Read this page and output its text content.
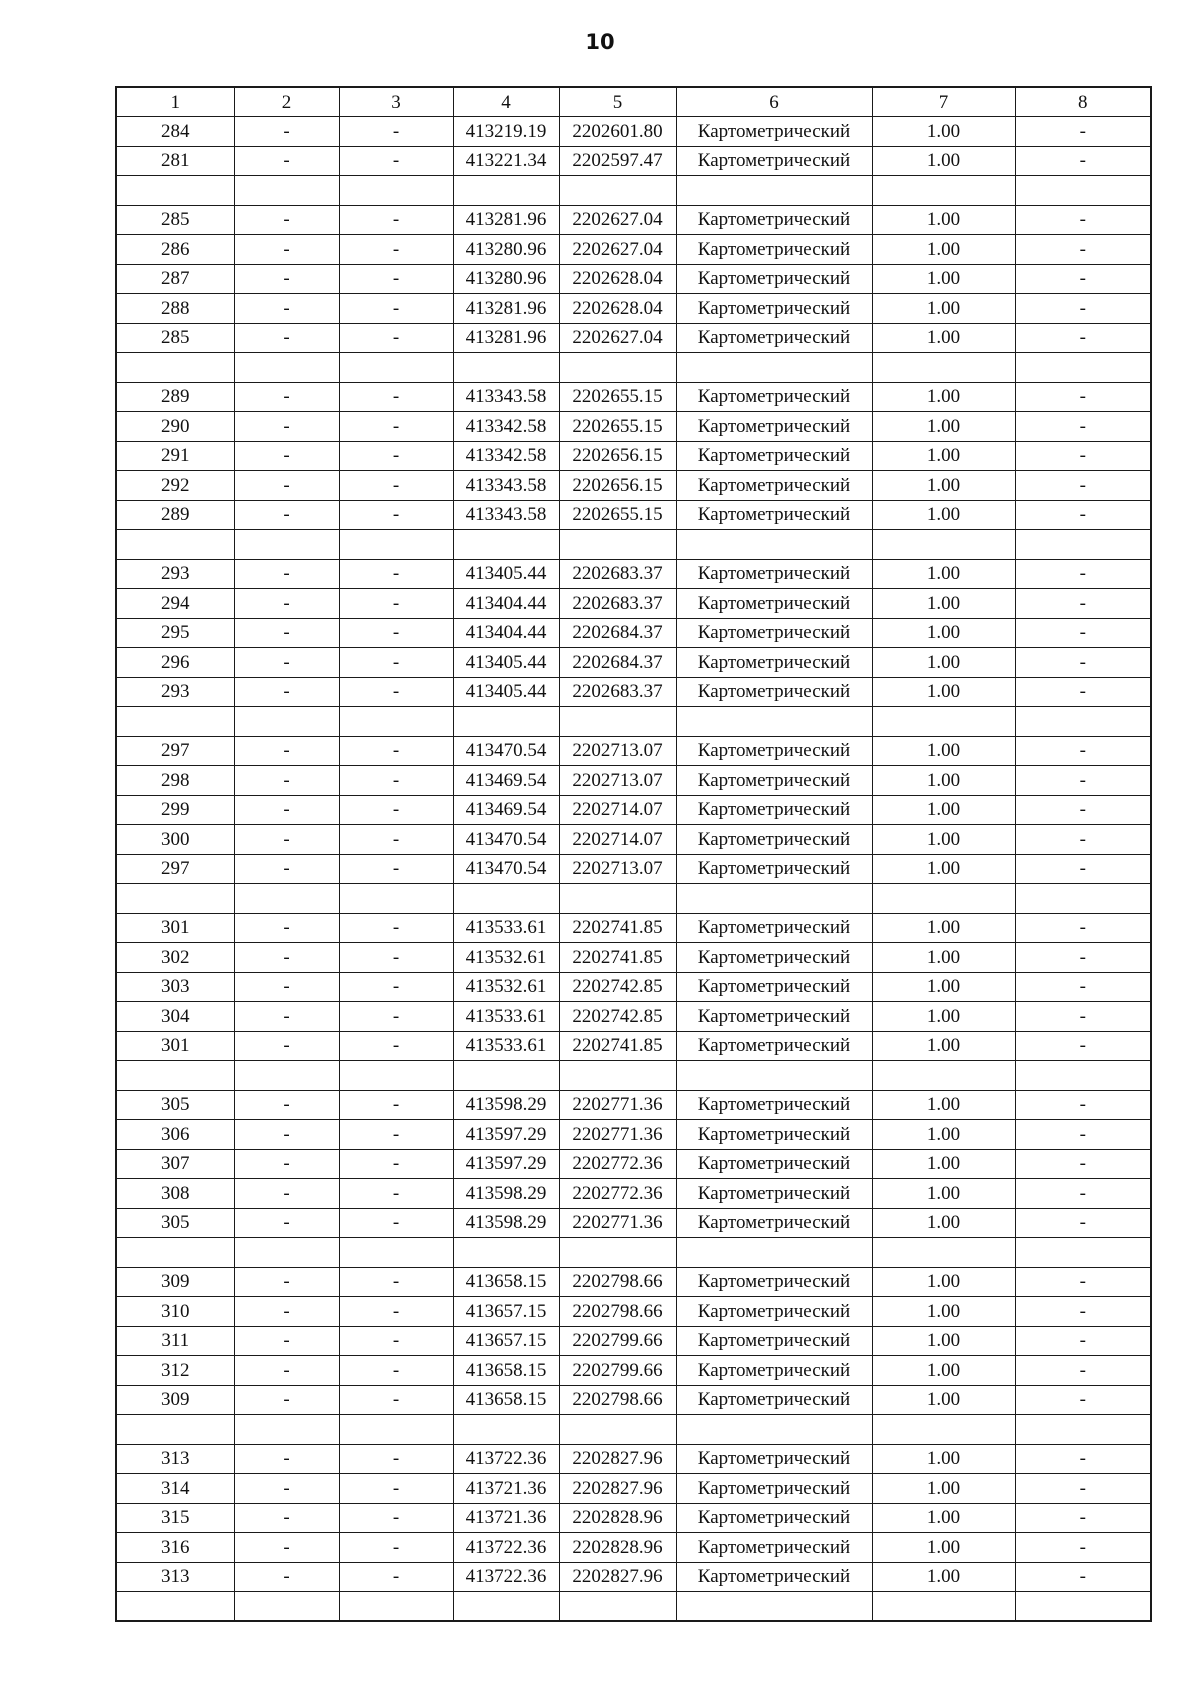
10
1	2	3	4	5	6	7	8
284	-	-	413219.19	2202601.80	Картометрический	1.00	-
281	-	-	413221.34	2202597.47	Картометрический	1.00	-

285	-	-	413281.96	2202627.04	Картометрический	1.00	-
286	-	-	413280.96	2202627.04	Картометрический	1.00	-
287	-	-	413280.96	2202628.04	Картометрический	1.00	-
288	-	-	413281.96	2202628.04	Картометрический	1.00	-
285	-	-	413281.96	2202627.04	Картометрический	1.00	-

289	-	-	413343.58	2202655.15	Картометрический	1.00	-
290	-	-	413342.58	2202655.15	Картометрический	1.00	-
291	-	-	413342.58	2202656.15	Картометрический	1.00	-
292	-	-	413343.58	2202656.15	Картометрический	1.00	-
289	-	-	413343.58	2202655.15	Картометрический	1.00	-

293	-	-	413405.44	2202683.37	Картометрический	1.00	-
294	-	-	413404.44	2202683.37	Картометрический	1.00	-
295	-	-	413404.44	2202684.37	Картометрический	1.00	-
296	-	-	413405.44	2202684.37	Картометрический	1.00	-
293	-	-	413405.44	2202683.37	Картометрический	1.00	-

297	-	-	413470.54	2202713.07	Картометрический	1.00	-
298	-	-	413469.54	2202713.07	Картометрический	1.00	-
299	-	-	413469.54	2202714.07	Картометрический	1.00	-
300	-	-	413470.54	2202714.07	Картометрический	1.00	-
297	-	-	413470.54	2202713.07	Картометрический	1.00	-

301	-	-	413533.61	2202741.85	Картометрический	1.00	-
302	-	-	413532.61	2202741.85	Картометрический	1.00	-
303	-	-	413532.61	2202742.85	Картометрический	1.00	-
304	-	-	413533.61	2202742.85	Картометрический	1.00	-
301	-	-	413533.61	2202741.85	Картометрический	1.00	-

305	-	-	413598.29	2202771.36	Картометрический	1.00	-
306	-	-	413597.29	2202771.36	Картометрический	1.00	-
307	-	-	413597.29	2202772.36	Картометрический	1.00	-
308	-	-	413598.29	2202772.36	Картометрический	1.00	-
305	-	-	413598.29	2202771.36	Картометрический	1.00	-

309	-	-	413658.15	2202798.66	Картометрический	1.00	-
310	-	-	413657.15	2202798.66	Картометрический	1.00	-
311	-	-	413657.15	2202799.66	Картометрический	1.00	-
312	-	-	413658.15	2202799.66	Картометрический	1.00	-
309	-	-	413658.15	2202798.66	Картометрический	1.00	-

313	-	-	413722.36	2202827.96	Картометрический	1.00	-
314	-	-	413721.36	2202827.96	Картометрический	1.00	-
315	-	-	413721.36	2202828.96	Картометрический	1.00	-
316	-	-	413722.36	2202828.96	Картометрический	1.00	-
313	-	-	413722.36	2202827.96	Картометрический	1.00	-
